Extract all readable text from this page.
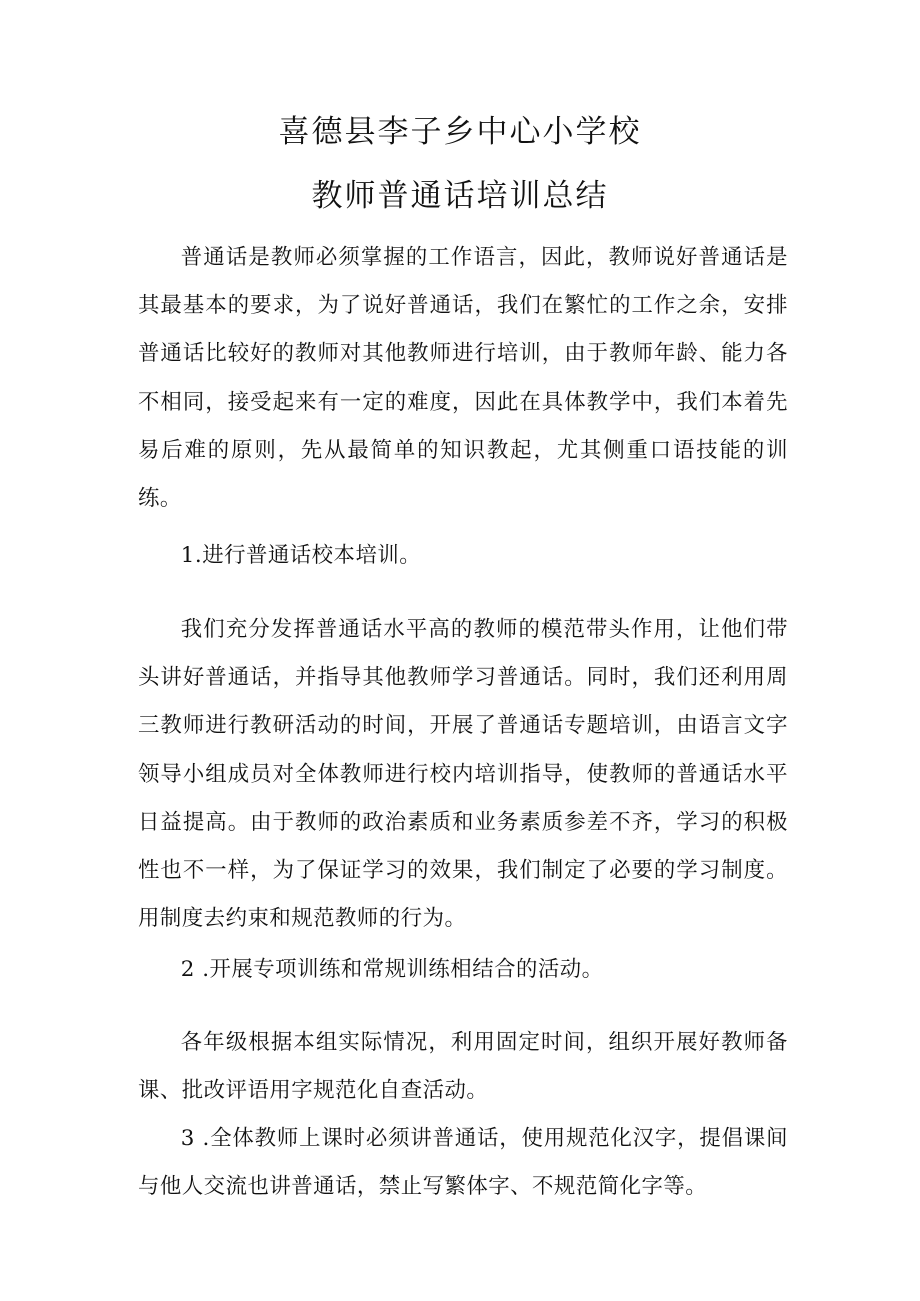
喜德县李子乡中心小学校
教师普通话培训总结

普通话是教师必须掌握的工作语言，因此，教师说好普通话是其最基本的要求，为了说好普通话，我们在繁忙的工作之余，安排普通话比较好的教师对其他教师进行培训，由于教师年龄、能力各不相同，接受起来有一定的难度，因此在具体教学中，我们本着先易后难的原则，先从最简单的知识教起，尤其侧重口语技能的训练。

1.进行普通话校本培训。

我们充分发挥普通话水平高的教师的模范带头作用，让他们带头讲好普通话，并指导其他教师学习普通话。同时，我们还利用周三教师进行教研活动的时间，开展了普通话专题培训，由语言文字领导小组成员对全体教师进行校内培训指导，使教师的普通话水平日益提高。由于教师的政治素质和业务素质参差不齐，学习的积极性也不一样，为了保证学习的效果，我们制定了必要的学习制度。用制度去约束和规范教师的行为。

2 .开展专项训练和常规训练相结合的活动。

各年级根据本组实际情况，利用固定时间，组织开展好教师备课、批改评语用字规范化自查活动。

3 .全体教师上课时必须讲普通话，使用规范化汉字，提倡课间与他人交流也讲普通话，禁止写繁体字、不规范简化字等。
